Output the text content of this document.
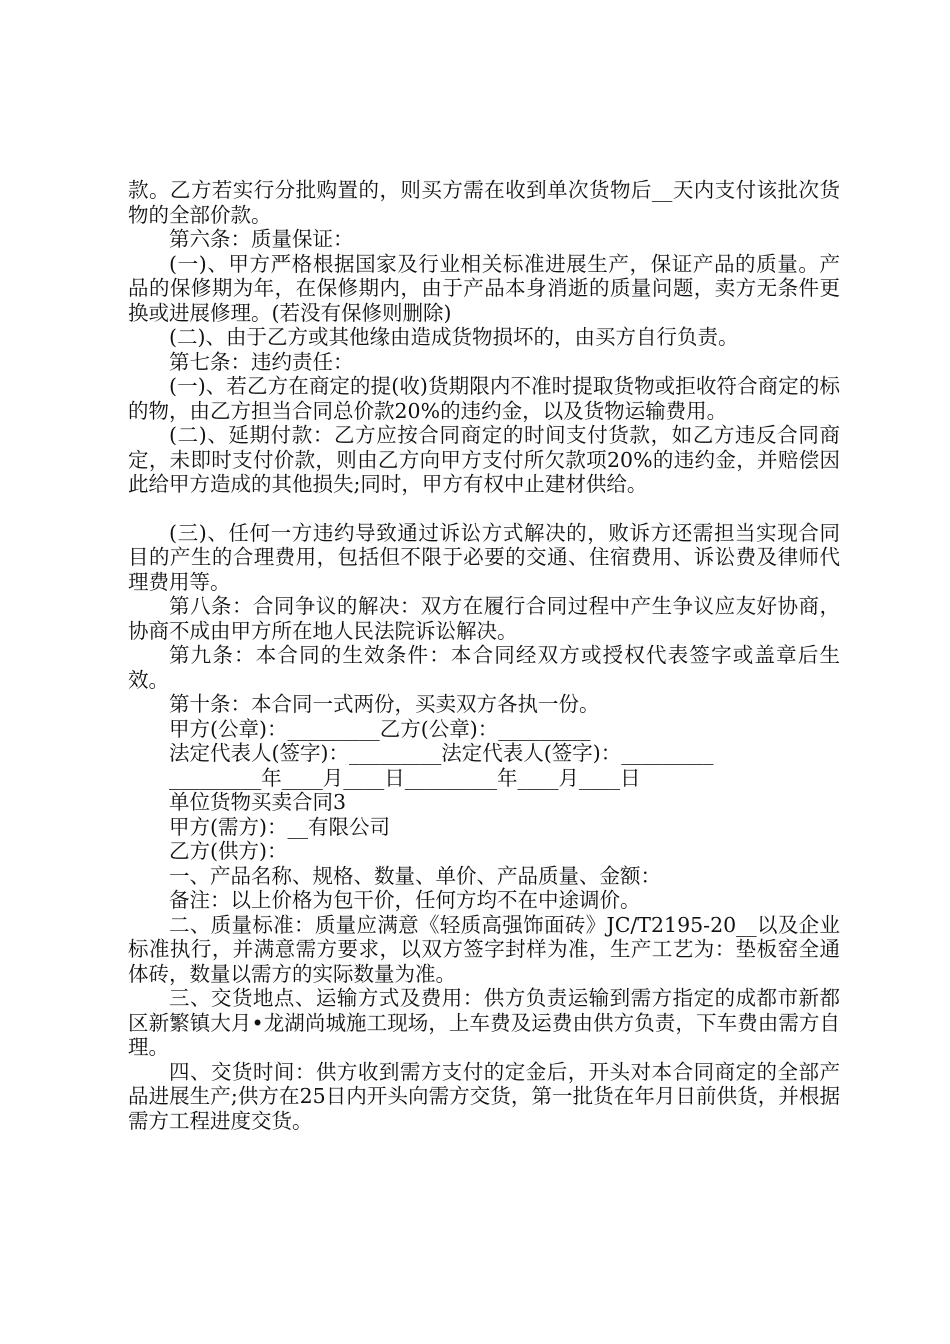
款。乙方若实行分批购置的，则买方需在收到单次货物后__天内支付该批次货物的全部价款。

第六条：质量保证：

(一)、甲方严格根据国家及行业相关标准进展生产，保证产品的质量。产品的保修期为年，在保修期内，由于产品本身消逝的质量问题，卖方无条件更换或进展修理。(若没有保修则删除)

(二)、由于乙方或其他缘由造成货物损坏的，由买方自行负责。

第七条：违约责任：

(一)、若乙方在商定的提(收)货期限内不准时提取货物或拒收符合商定的标的物，由乙方担当合同总价款20%的违约金，以及货物运输费用。

(二)、延期付款：乙方应按合同商定的时间支付货款，如乙方违反合同商定，未即时支付价款，则由乙方向甲方支付所欠款项20%的违约金，并赔偿因此给甲方造成的其他损失;同时，甲方有权中止建材供给。

(三)、任何一方违约导致通过诉讼方式解决的，败诉方还需担当实现合同目的产生的合理费用，包括但不限于必要的交通、住宿费用、诉讼费及律师代理费用等。

第八条：合同争议的解决：双方在履行合同过程中产生争议应友好协商，协商不成由甲方所在地人民法院诉讼解决。

第九条：本合同的生效条件：本合同经双方或授权代表签字或盖章后生效。

第十条：本合同一式两份，买卖双方各执一份。

甲方(公章)：_________乙方(公章)：_________

法定代表人(签字)：_________法定代表人(签字)：_________

_________年____月____日_________年____月____日

单位货物买卖合同3

甲方(需方)：__有限公司

乙方(供方)：

一、产品名称、规格、数量、单价、产品质量、金额：

备注：以上价格为包干价，任何方均不在中途调价。

二、质量标准：质量应满意《轻质高强饰面砖》JC/T2195-20__以及企业标准执行，并满意需方要求，以双方签字封样为准，生产工艺为：垫板窑全通体砖，数量以需方的实际数量为准。

三、交货地点、运输方式及费用：供方负责运输到需方指定的成都市新都区新繁镇大月•龙湖尚城施工现场，上车费及运费由供方负责，下车费由需方自理。

四、交货时间：供方收到需方支付的定金后，开头对本合同商定的全部产品进展生产;供方在25日内开头向需方交货，第一批货在年月日前供货，并根据需方工程进度交货。
